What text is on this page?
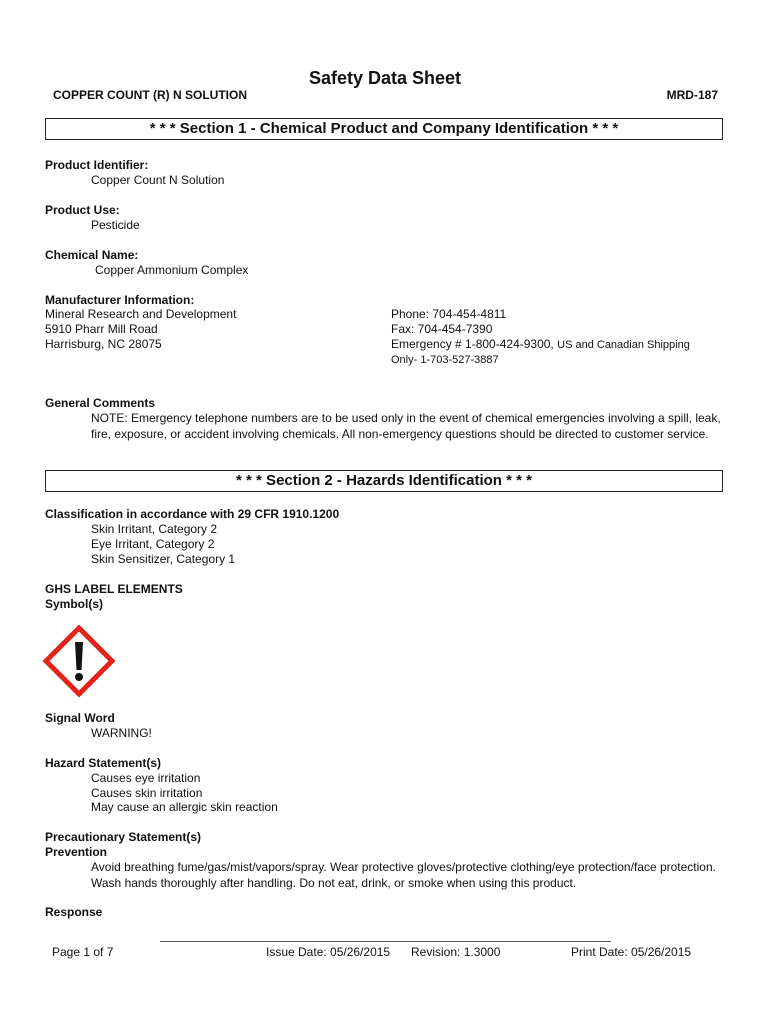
Safety Data Sheet
COPPER COUNT (R) N SOLUTION	MRD-187
* * * Section 1 - Chemical Product and Company Identification * * *
Product Identifier:
Copper Count N Solution
Product Use:
Pesticide
Chemical Name:
Copper Ammonium Complex
Manufacturer Information:
Mineral Research and Development
5910 Pharr Mill Road
Harrisburg, NC 28075
Phone: 704-454-4811
Fax: 704-454-7390
Emergency # 1-800-424-9300, US and Canadian Shipping
Only- 1-703-527-3887
General Comments
NOTE: Emergency telephone numbers are to be used only in the event of chemical emergencies involving a spill, leak, fire, exposure, or accident involving chemicals. All non-emergency questions should be directed to customer service.
* * * Section 2 - Hazards Identification * * *
Classification in accordance with 29 CFR 1910.1200
Skin Irritant, Category 2
Eye Irritant, Category 2
Skin Sensitizer, Category 1
GHS LABEL ELEMENTS
Symbol(s)
Signal Word
WARNING!
Hazard Statement(s)
Causes eye irritation
Causes skin irritation
May cause an allergic skin reaction
Precautionary Statement(s)
Prevention
Avoid breathing fume/gas/mist/vapors/spray. Wear protective gloves/protective clothing/eye protection/face protection. Wash hands thoroughly after handling. Do not eat, drink, or smoke when using this product.
Response
Page 1 of 7	Issue Date: 05/26/2015 Revision: 1.3000	Print Date: 05/26/2015
